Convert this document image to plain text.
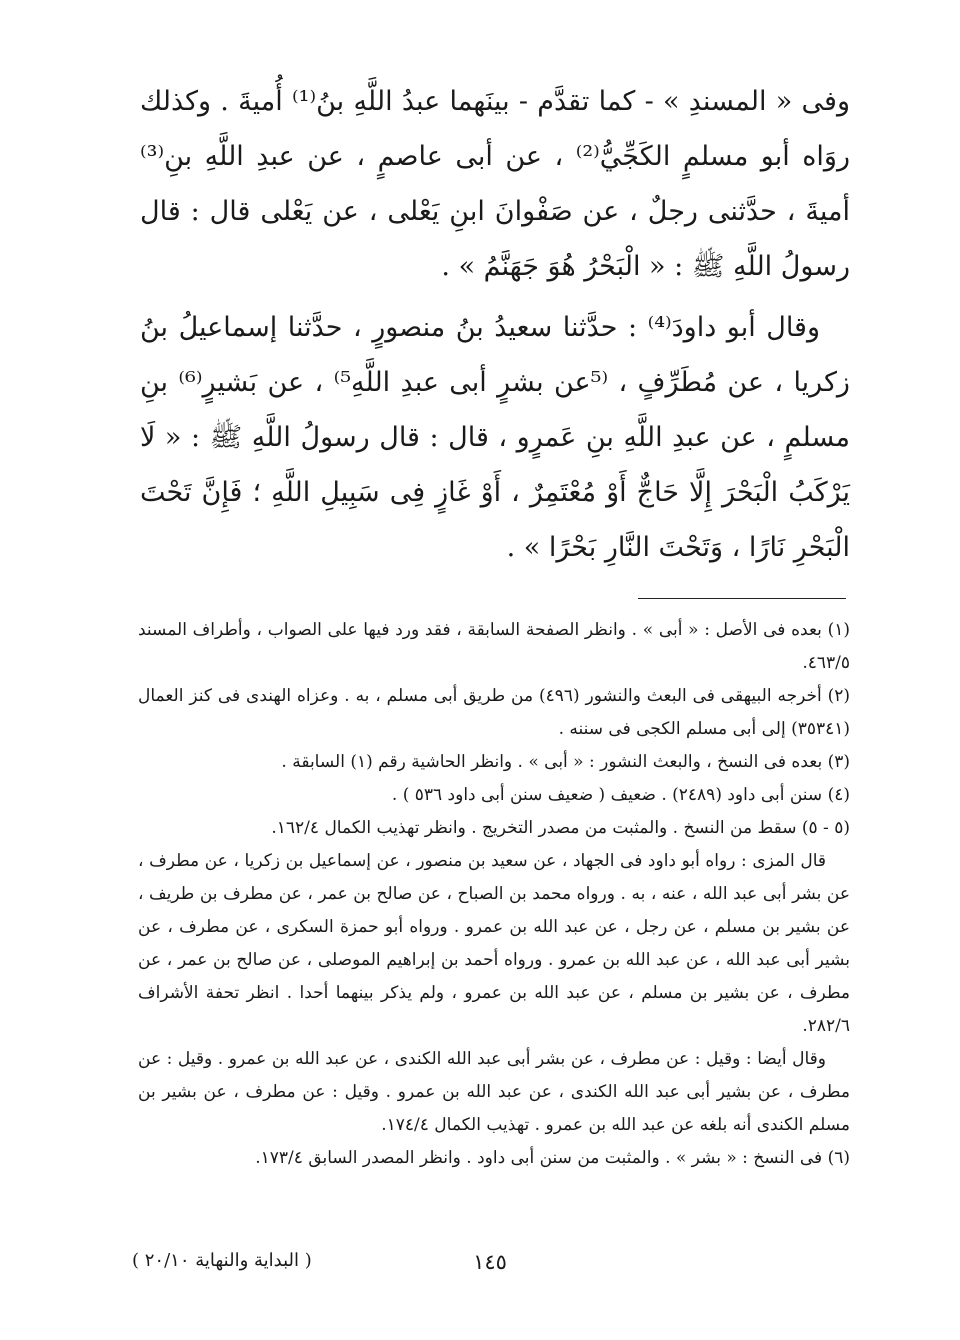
وفى « المسندِ » - كما تقدَّم - بينَهما عبدُ اللَّهِ بنُ⁽¹⁾ أُميةَ . وكذلك روَاه أبو مسلمٍ الكَجِّيُّ⁽²⁾ ، عن أبى عاصمٍ ، عن عبدِ اللَّهِ بنِ⁽³⁾ أميةَ ، حدَّثنى رجلٌ ، عن صَفْوانَ ابنِ يَعْلى ، عن يَعْلى قال : قال رسولُ اللَّهِ ﷺ : « الْبَحْرُ هُوَ جَهَنَّمُ » .

وقال أبو داودَ⁽⁴⁾ : حدَّثنا سعيدُ بنُ منصورٍ ، حدَّثنا إسماعيلُ بنُ زكريا ، عن مُطَرِّفٍ ، ⁽⁵عن بشرٍ أبى عبدِ اللَّهِ⁵⁾ ، عن بَشيرٍ⁽⁶⁾ بنِ مسلمٍ ، عن عبدِ اللَّهِ بنِ عَمرٍو ، قال : قال رسولُ اللَّهِ ﷺ : « لَا يَرْكَبُ الْبَحْرَ إِلَّا حَاجٌّ أَوْ مُعْتَمِرٌ ، أَوْ غَازٍ فِى سَبِيلِ اللَّهِ ؛ فَإِنَّ تَحْتَ الْبَحْرِ نَارًا ، وَتَحْتَ النَّارِ بَحْرًا » .

(١) بعده فى الأصل : « أبى » . وانظر الصفحة السابقة ، فقد ورد فيها على الصواب ، وأطراف المسند ٤٦٣/٥.

(٢) أخرجه البيهقى فى البعث والنشور (٤٩٦) من طريق أبى مسلم ، به . وعزاه الهندى فى كنز العمال (٣٥٣٤١) إلى أبى مسلم الكجى فى سننه .

(٣) بعده فى النسخ ، والبعث النشور : « أبى » . وانظر الحاشية رقم (١) السابقة .

(٤) سنن أبى داود (٢٤٨٩) . ضعيف ( ضعيف سنن أبى داود ٥٣٦ ) .

(٥ - ٥) سقط من النسخ . والمثبت من مصدر التخريج . وانظر تهذيب الكمال ١٦٢/٤.

قال المزى : رواه أبو داود فى الجهاد ، عن سعيد بن منصور ، عن إسماعيل بن زكريا ، عن مطرف ، عن بشر أبى عبد الله ، عنه ، به . ورواه محمد بن الصباح ، عن صالح بن عمر ، عن مطرف بن طريف ، عن بشير بن مسلم ، عن رجل ، عن عبد الله بن عمرو . ورواه أبو حمزة السكرى ، عن مطرف ، عن بشير أبى عبد الله ، عن عبد الله بن عمرو . ورواه أحمد بن إبراهيم الموصلى ، عن صالح بن عمر ، عن مطرف ، عن بشير بن مسلم ، عن عبد الله بن عمرو ، ولم يذكر بينهما أحدا . انظر تحفة الأشراف ٢٨٢/٦.

وقال أيضا : وقيل : عن مطرف ، عن بشر أبى عبد الله الكندى ، عن عبد الله بن عمرو . وقيل : عن مطرف ، عن بشير أبى عبد الله الكندى ، عن عبد الله بن عمرو . وقيل : عن مطرف ، عن بشير بن مسلم الكندى أنه بلغه عن عبد الله بن عمرو . تهذيب الكمال ١٧٤/٤.

(٦) فى النسخ : « بشر » . والمثبت من سنن أبى داود . وانظر المصدر السابق ١٧٣/٤.

١٤٥
( البداية والنهاية ٢٠/١٠ )
